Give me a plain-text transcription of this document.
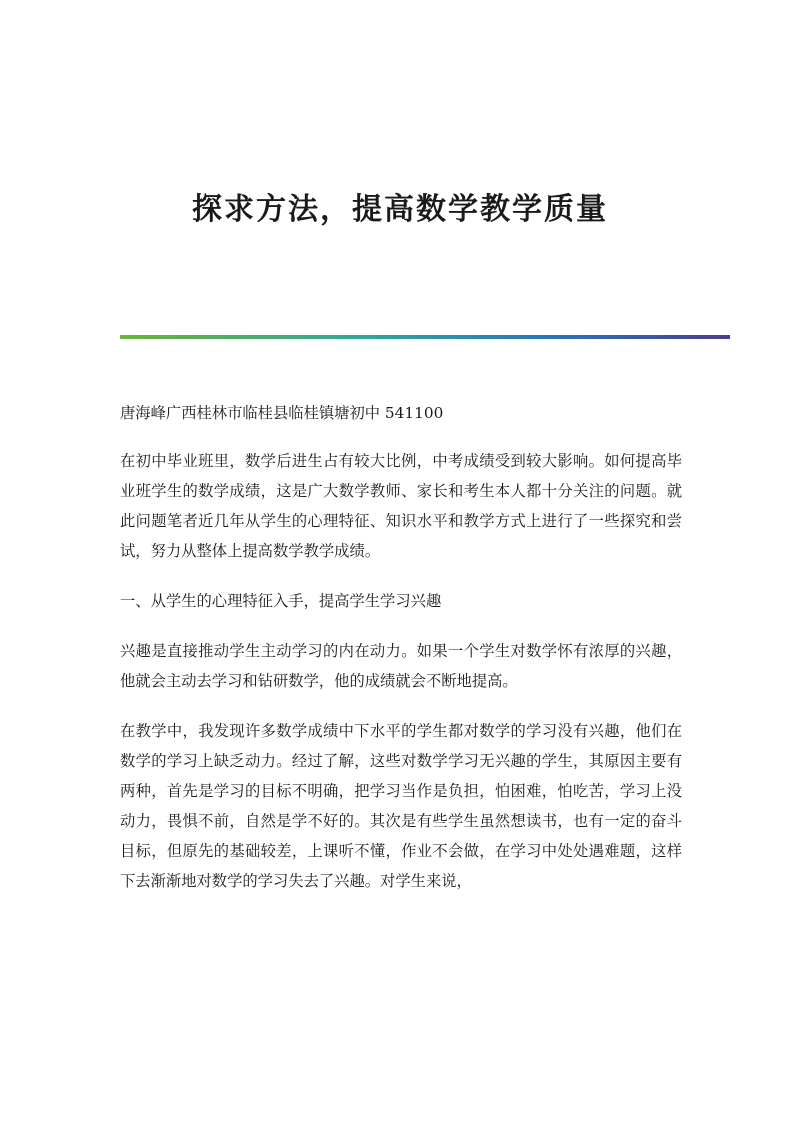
探求方法，提高数学教学质量

唐海峰广西桂林市临桂县临桂镇塘初中 541100

在初中毕业班里，数学后进生占有较大比例，中考成绩受到较大影响。如何提高毕业班学生的数学成绩，这是广大数学教师、家长和考生本人都十分关注的问题。就此问题笔者近几年从学生的心理特征、知识水平和教学方式上进行了一些探究和尝试，努力从整体上提高数学教学成绩。

一、从学生的心理特征入手，提高学生学习兴趣

兴趣是直接推动学生主动学习的内在动力。如果一个学生对数学怀有浓厚的兴趣，他就会主动去学习和钻研数学，他的成绩就会不断地提高。

在教学中，我发现许多数学成绩中下水平的学生都对数学的学习没有兴趣，他们在数学的学习上缺乏动力。经过了解，这些对数学学习无兴趣的学生，其原因主要有两种，首先是学习的目标不明确，把学习当作是负担，怕困难，怕吃苦，学习上没动力，畏惧不前，自然是学不好的。其次是有些学生虽然想读书，也有一定的奋斗目标，但原先的基础较差，上课听不懂，作业不会做，在学习中处处遇难题，这样下去渐渐地对数学的学习失去了兴趣。对学生来说，
